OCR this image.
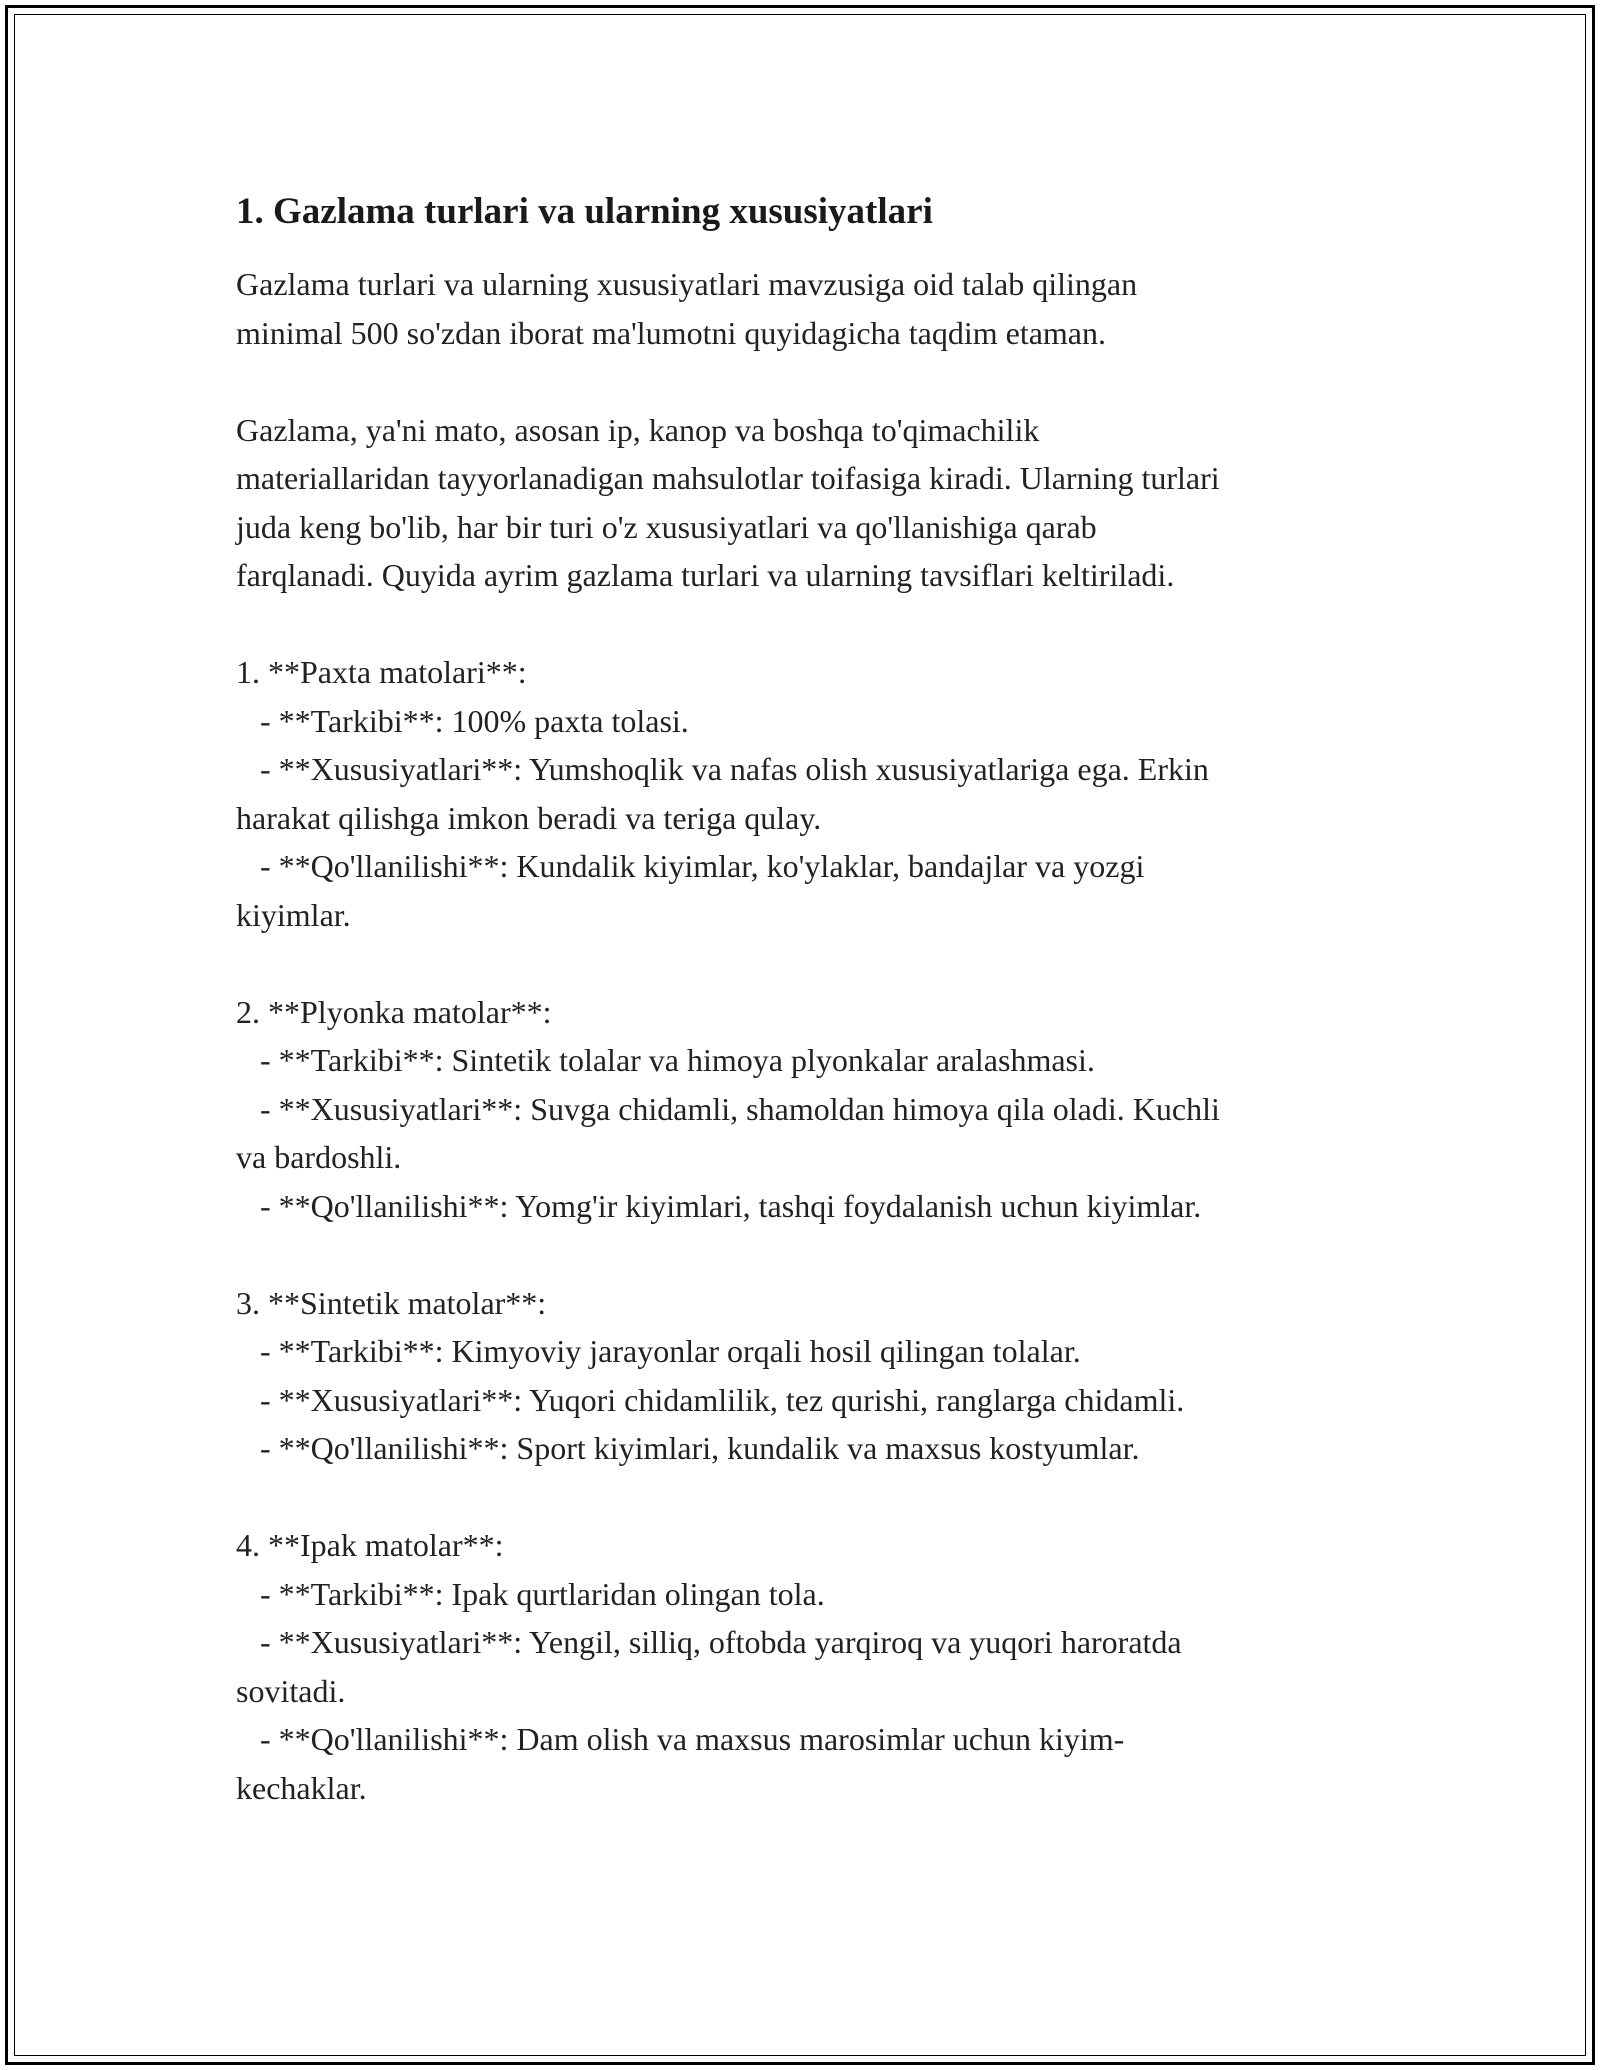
1. Gazlama turlari va ularning xususiyatlari

Gazlama turlari va ularning xususiyatlari mavzusiga oid talab qilingan
minimal 500 so'zdan iborat ma'lumotni quyidagicha taqdim etaman.

Gazlama, ya'ni mato, asosan ip, kanop va boshqa to'qimachilik
materiallaridan tayyorlanadigan mahsulotlar toifasiga kiradi. Ularning turlari
juda keng bo'lib, har bir turi o'z xususiyatlari va qo'llanishiga qarab
farqlanadi. Quyida ayrim gazlama turlari va ularning tavsiflari keltiriladi.

1. **Paxta matolari**:

- **Tarkibi**: 100% paxta tolasi.

- **Xususiyatlari**: Yumshoqlik va nafas olish xususiyatlariga ega. Erkin
harakat qilishga imkon beradi va teriga qulay.

- **Qo'llanilishi**: Kundalik kiyimlar, ko'ylaklar, bandajlar va yozgi
kiyimlar.

2. **Plyonka matolar**:

- **Tarkibi**: Sintetik tolalar va himoya plyonkalar aralashmasi.

- **Xususiyatlari**: Suvga chidamli, shamoldan himoya qila oladi. Kuchli
va bardoshli.

- **Qo'llanilishi**: Yomg'ir kiyimlari, tashqi foydalanish uchun kiyimlar.

3. **Sintetik matolar**:

- **Tarkibi**: Kimyoviy jarayonlar orqali hosil qilingan tolalar.

- **Xususiyatlari**: Yuqori chidamlilik, tez qurishi, ranglarga chidamli.

- **Qo'llanilishi**: Sport kiyimlari, kundalik va maxsus kostyumlar.

4. **Ipak matolar**:

- **Tarkibi**: Ipak qurtlaridan olingan tola.

- **Xususiyatlari**: Yengil, silliq, oftobda yarqiroq va yuqori haroratda
sovitadi.

- **Qo'llanilishi**: Dam olish va maxsus marosimlar uchun kiyim-
kechaklar.
